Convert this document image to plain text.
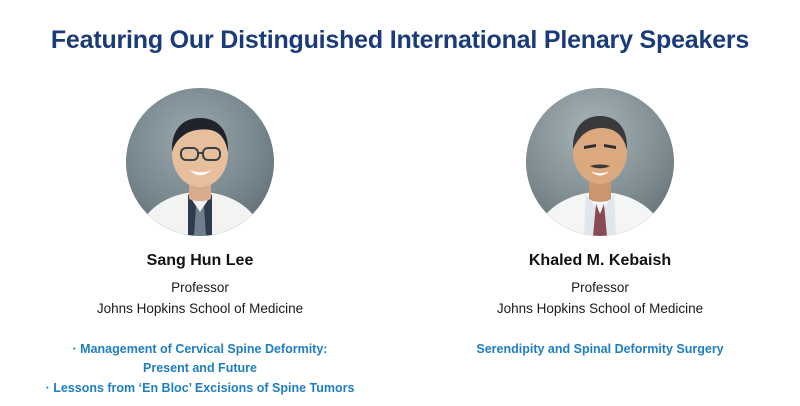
Featuring Our Distinguished International Plenary Speakers
Sang Hun Lee
Professor
Johns Hopkins School of Medicine
· Management of Cervical Spine Deformity:
Present and Future
· Lessons from ‘En Bloc’ Excisions of Spine Tumors
Khaled M. Kebaish
Professor
Johns Hopkins School of Medicine
Serendipity and Spinal Deformity Surgery
